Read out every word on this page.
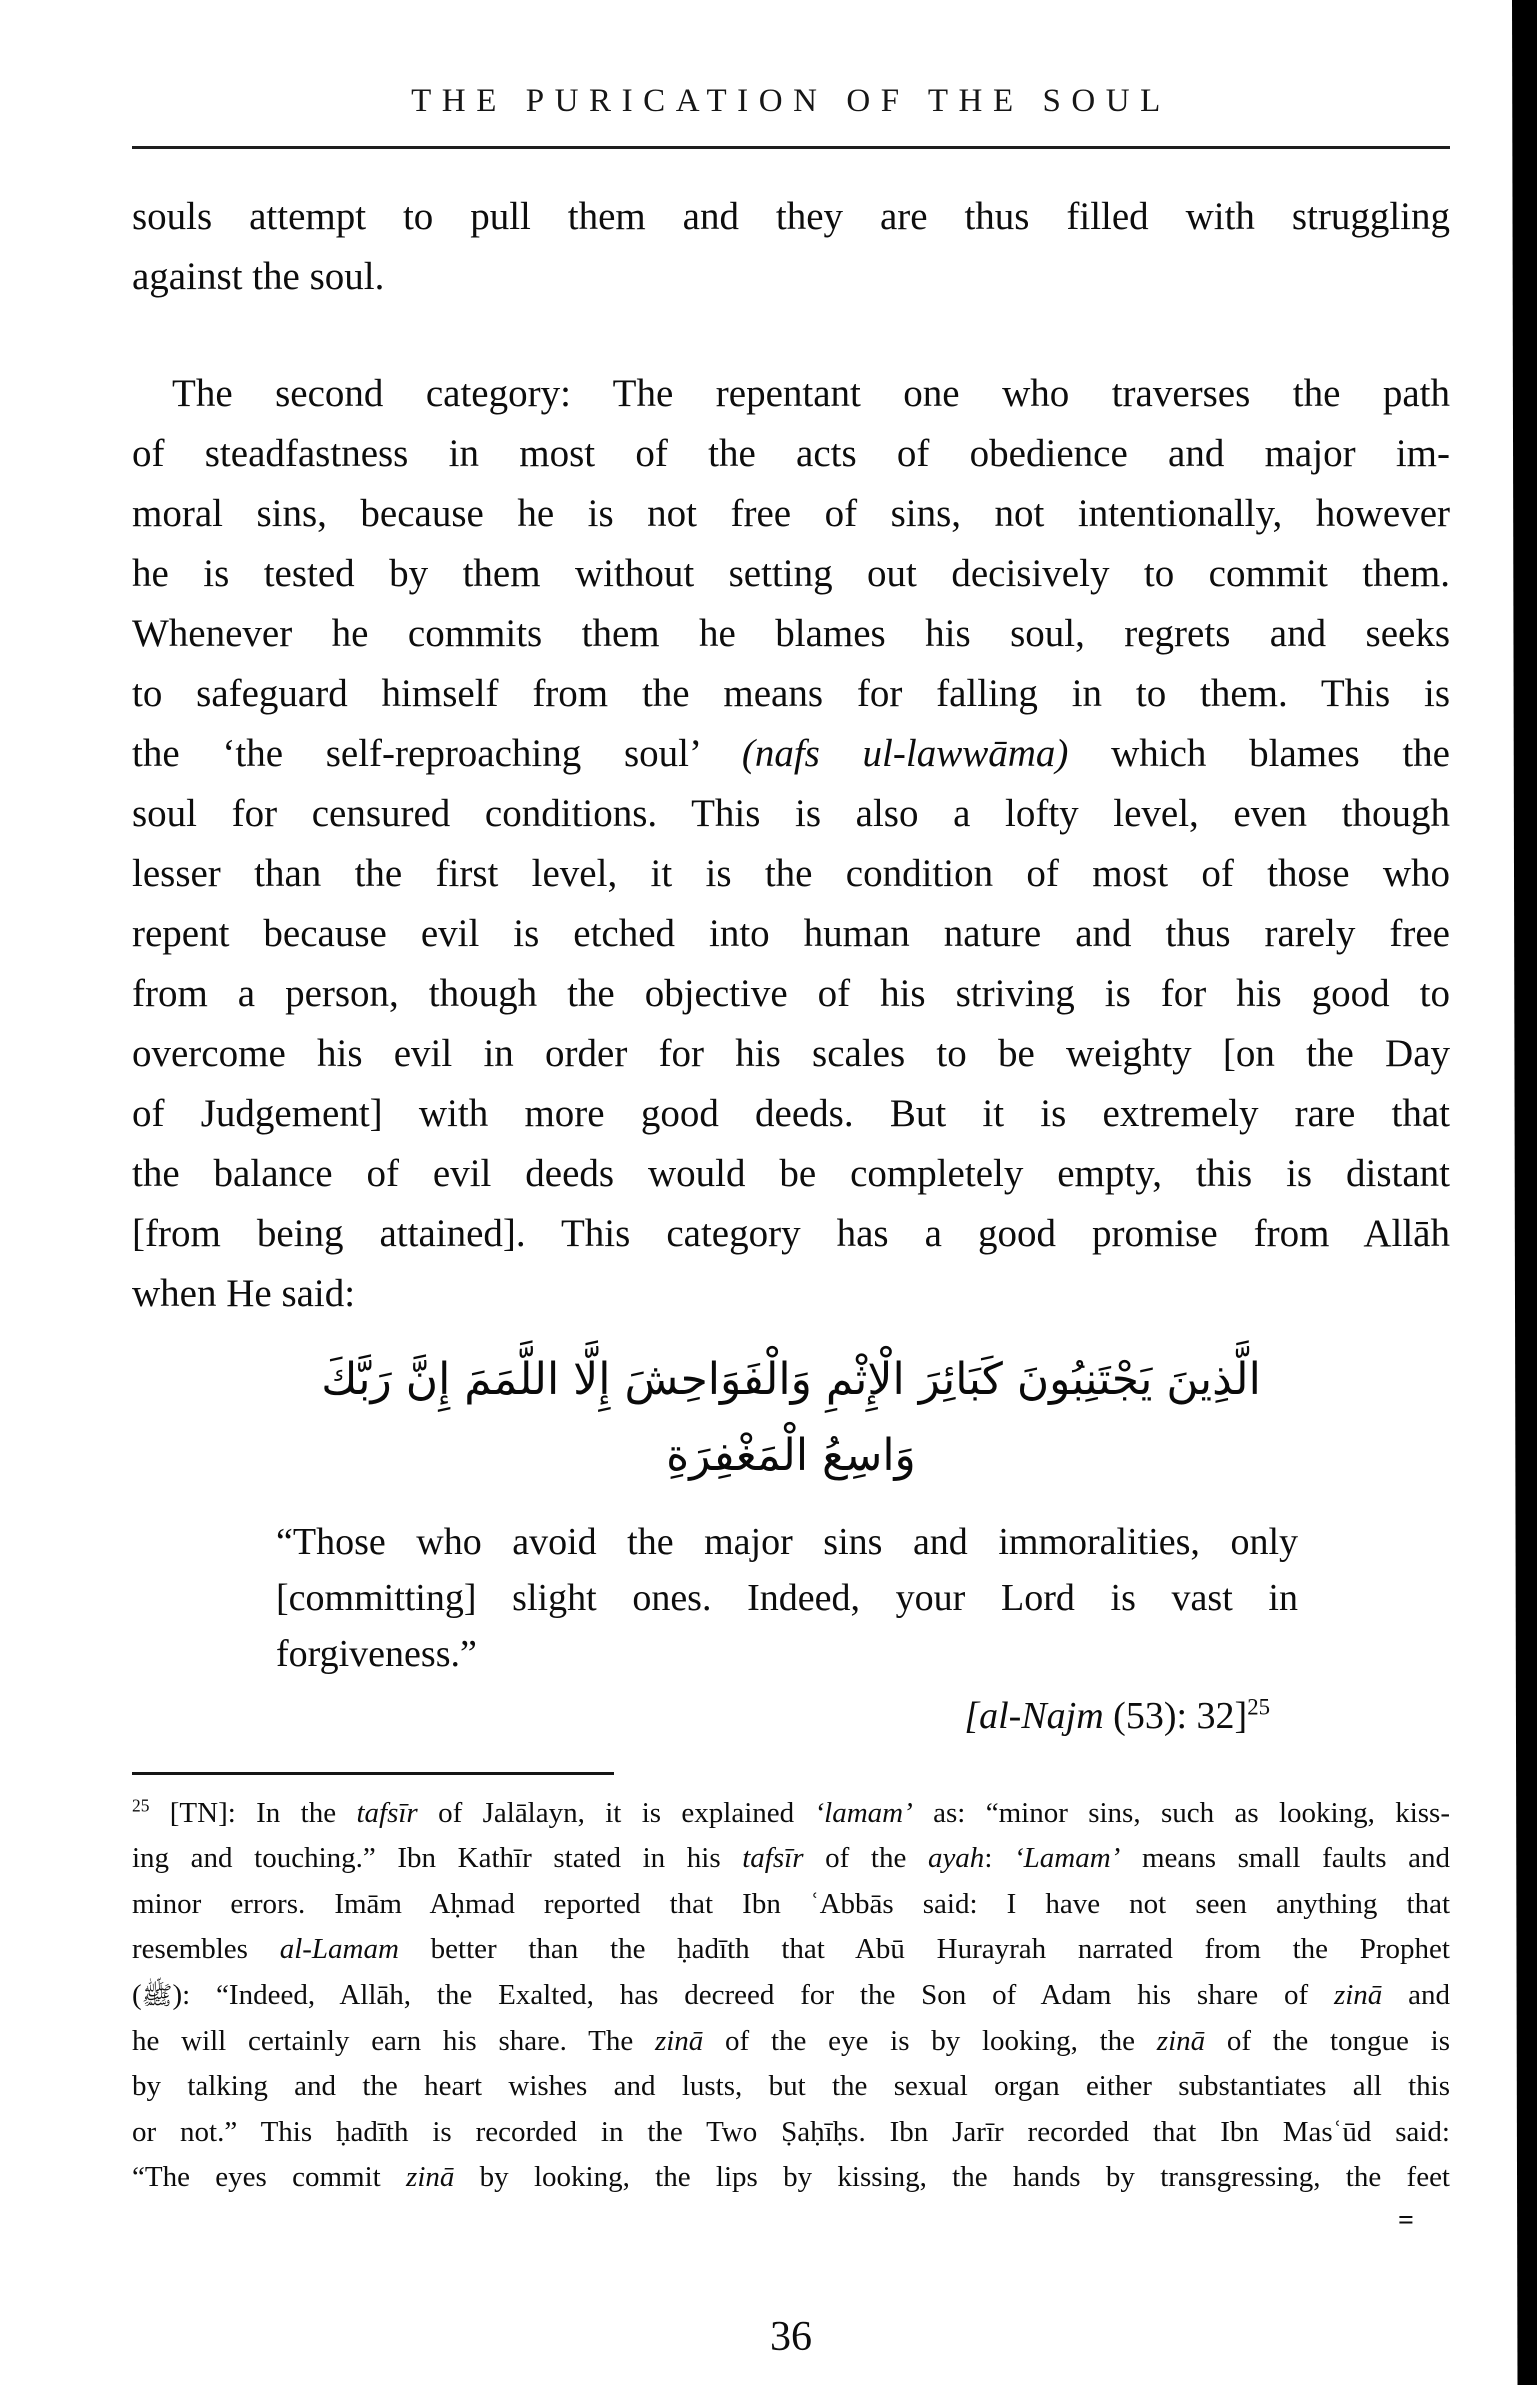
THE PURICATION OF THE SOUL
souls attempt to pull them and they are thus filled with struggling
against the soul.
The second category: The repentant one who traverses the path
of steadfastness in most of the acts of obedience and major im-
moral sins, because he is not free of sins, not intentionally, however
he is tested by them without setting out decisively to commit them.
Whenever he commits them he blames his soul, regrets and seeks
to safeguard himself from the means for falling in to them. This is
the ‘the self-reproaching soul’ (nafs ul-lawwāma) which blames the
soul for censured conditions. This is also a lofty level, even though
lesser than the first level, it is the condition of most of those who
repent because evil is etched into human nature and thus rarely free
from a person, though the objective of his striving is for his good to
overcome his evil in order for his scales to be weighty [on the Day
of Judgement] with more good deeds. But it is extremely rare that
the balance of evil deeds would be completely empty, this is distant
[from being attained]. This category has a good promise from Allāh
when He said:
الَّذِينَ يَجْتَنِبُونَ كَبَائِرَ الْإِثْمِ وَالْفَوَاحِشَ إِلَّا اللَّمَمَ إِنَّ رَبَّكَ
وَاسِعُ الْمَغْفِرَةِ
“Those who avoid the major sins and immoralities, only
[committing] slight ones. Indeed, your Lord is vast in
forgiveness.”
[al-Najm (53): 32]$^{25}$
$^{25}$ [TN]: In the tafsīr of Jalālayn, it is explained ‘lamam’ as: “minor sins, such as looking, kiss-
ing and touching.” Ibn Kathīr stated in his tafsīr of the ayah: ‘Lamam’ means small faults and
minor errors. Imām Aḥmad reported that Ibn ʿAbbās said: I have not seen anything that
resembles al-Lamam better than the ḥadīth that Abū Hurayrah narrated from the Prophet
(ﷺ): “Indeed, Allāh, the Exalted, has decreed for the Son of Adam his share of zinā and
he will certainly earn his share. The zinā of the eye is by looking, the zinā of the tongue is
by talking and the heart wishes and lusts, but the sexual organ either substantiates all this
or not.” This ḥadīth is recorded in the Two Ṣaḥīḥs. Ibn Jarīr recorded that Ibn Masʿūd said:
“The eyes commit zinā by looking, the lips by kissing, the hands by transgressing, the feet
=
36
